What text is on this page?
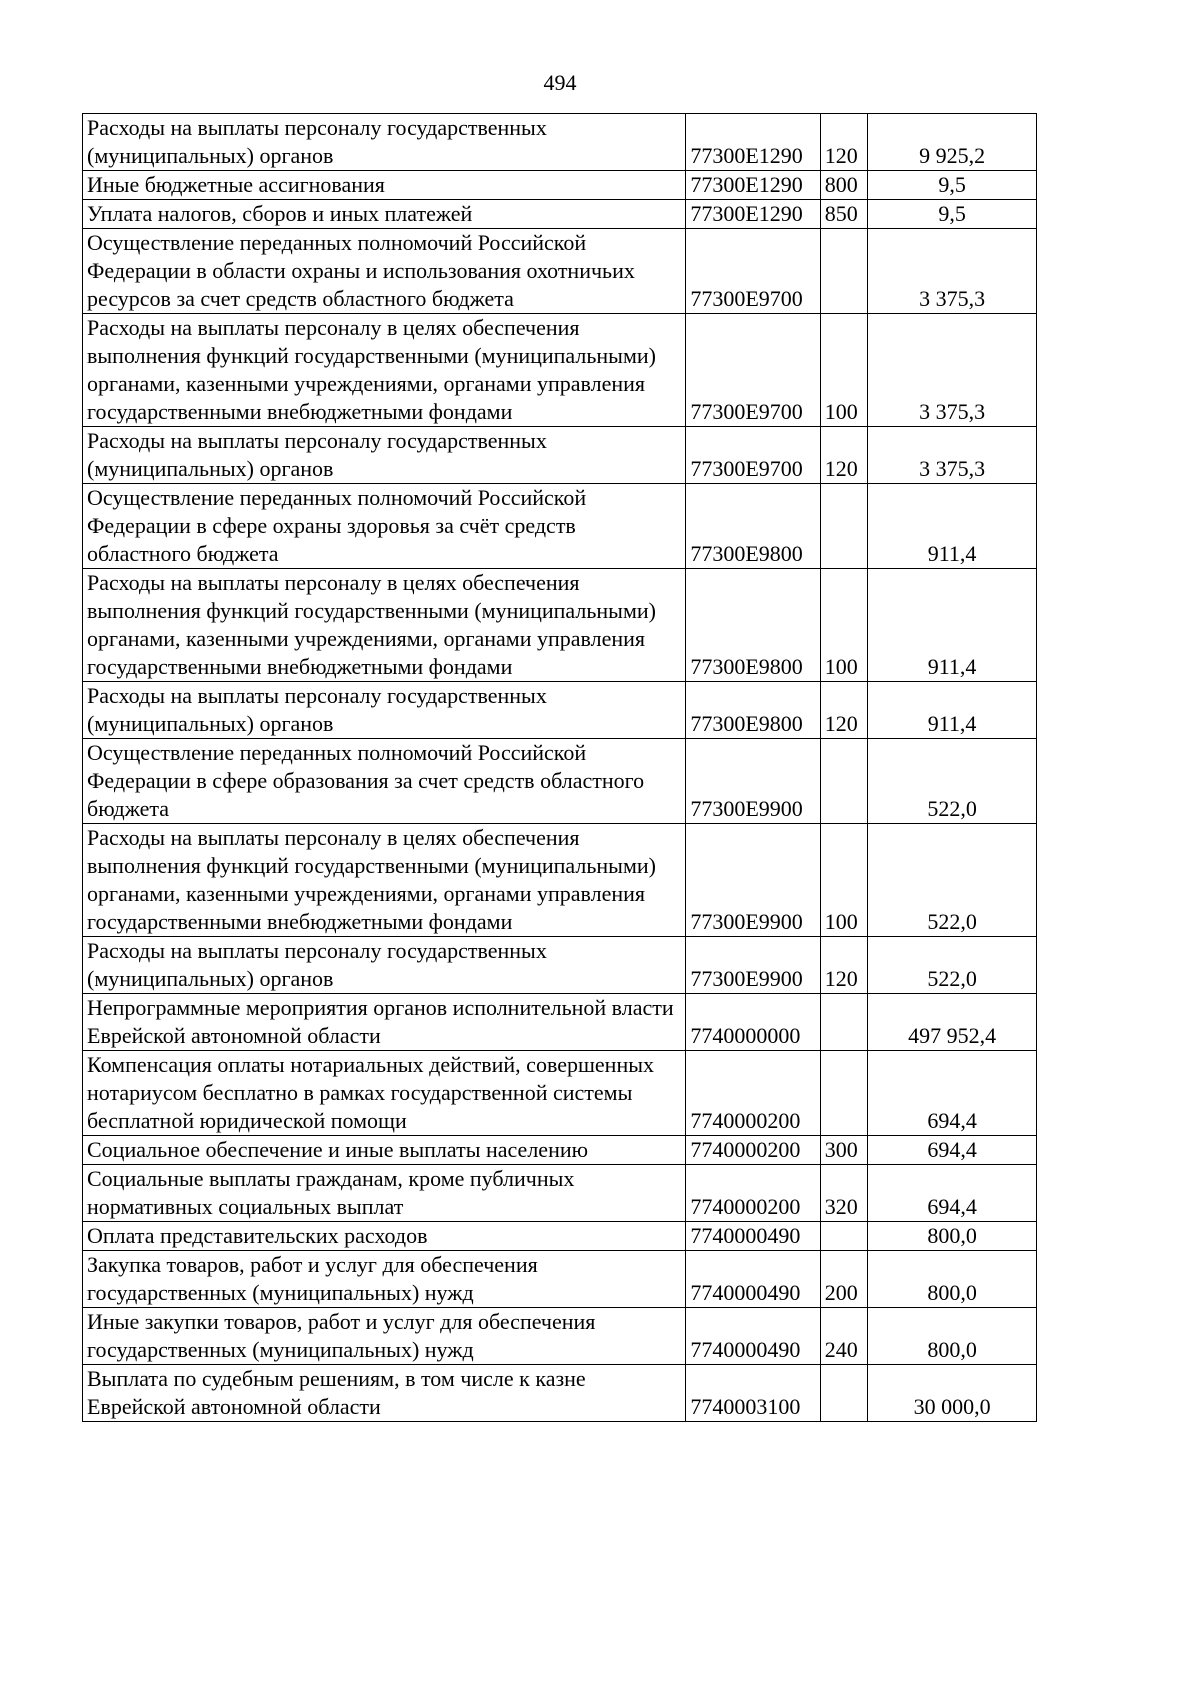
494
Расходы на выплаты персоналу государственных (муниципальных) органов	77300Е1290	120	9 925,2
Иные бюджетные ассигнования	77300Е1290	800	9,5
Уплата налогов, сборов и иных платежей	77300Е1290	850	9,5
Осуществление переданных полномочий Российской Федерации в области охраны и использования охотничьих ресурсов за счет средств областного бюджета	77300Е9700		3 375,3
Расходы на выплаты персоналу в целях обеспечения выполнения функций государственными (муниципальными) органами, казенными учреждениями, органами управления государственными внебюджетными фондами	77300Е9700	100	3 375,3
Расходы на выплаты персоналу государственных (муниципальных) органов	77300Е9700	120	3 375,3
Осуществление переданных полномочий Российской Федерации в сфере охраны здоровья за счёт средств областного бюджета	77300Е9800		911,4
Расходы на выплаты персоналу в целях обеспечения выполнения функций государственными (муниципальными) органами, казенными учреждениями, органами управления государственными внебюджетными фондами	77300Е9800	100	911,4
Расходы на выплаты персоналу государственных (муниципальных) органов	77300Е9800	120	911,4
Осуществление переданных полномочий Российской Федерации в сфере образования за счет средств областного бюджета	77300Е9900		522,0
Расходы на выплаты персоналу в целях обеспечения выполнения функций государственными (муниципальными) органами, казенными учреждениями, органами управления государственными внебюджетными фондами	77300Е9900	100	522,0
Расходы на выплаты персоналу государственных (муниципальных) органов	77300Е9900	120	522,0
Непрограммные мероприятия органов исполнительной власти Еврейской автономной области	7740000000		497 952,4
Компенсация оплаты нотариальных действий, совершенных нотариусом бесплатно в рамках государственной системы бесплатной юридической помощи	7740000200		694,4
Социальное обеспечение и иные выплаты населению	7740000200	300	694,4
Социальные выплаты гражданам, кроме публичных нормативных социальных выплат	7740000200	320	694,4
Оплата представительских расходов	7740000490		800,0
Закупка товаров, работ и услуг для обеспечения государственных (муниципальных) нужд	7740000490	200	800,0
Иные закупки товаров, работ и услуг для обеспечения государственных (муниципальных) нужд	7740000490	240	800,0
Выплата по судебным решениям, в том числе к казне Еврейской автономной области	7740003100		30 000,0
